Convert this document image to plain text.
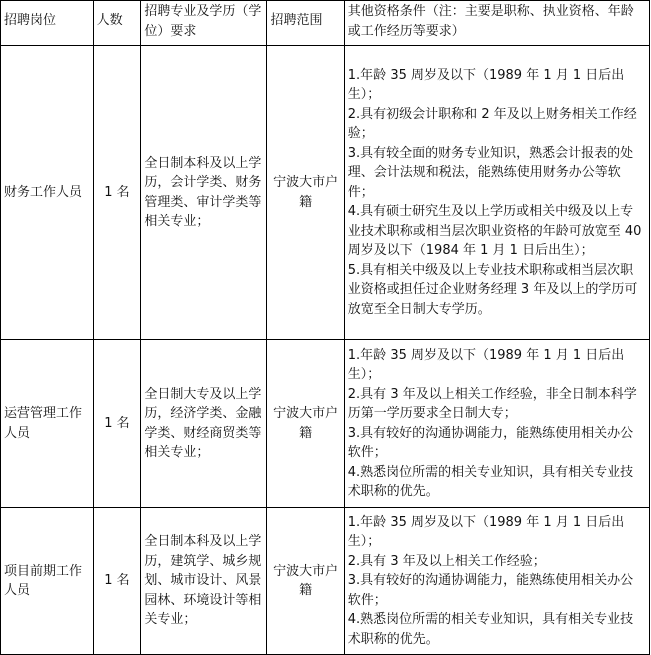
招聘岗位	人数	招聘专业及学历（学位）要求	招聘范围	其他资格条件（注：主要是职称、执业资格、年龄或工作经历等要求）
财务工作人员	1 名	全日制本科及以上学历，会计学类、财务管理类、审计学类等相关专业；	宁波大市户籍	1.年龄 35 周岁及以下（1989 年 1 月 1 日后出生）；
2.具有初级会计职称和 2 年及以上财务相关工作经验；
3.具有较全面的财务专业知识，熟悉会计报表的处理、会计法规和税法，能熟练使用财务办公等软件；
4.具有硕士研究生及以上学历或相关中级及以上专业技术职称或相当层次职业资格的年龄可放宽至 40 周岁及以下（1984 年 1 月 1 日后出生）；
5.具有相关中级及以上专业技术职称或相当层次职业资格或担任过企业财务经理 3 年及以上的学历可放宽至全日制大专学历。

运营管理工作人员	1 名	全日制大专及以上学历，经济学类、金融学类、财经商贸类等相关专业；	宁波大市户籍	1.年龄 35 周岁及以下（1989 年 1 月 1 日后出生）；
2.具有 3 年及以上相关工作经验，非全日制本科学历第一学历要求全日制大专；
3.具有较好的沟通协调能力，能熟练使用相关办公软件；
4.熟悉岗位所需的相关专业知识，具有相关专业技术职称的优先。

项目前期工作人员	1 名	全日制本科及以上学历，建筑学、城乡规划、城市设计、风景园林、环境设计等相关专业；	宁波大市户籍	1.年龄 35 周岁及以下（1989 年 1 月 1 日后出生）；
2.具有 3 年及以上相关工作经验；
3.具有较好的沟通协调能力，能熟练使用相关办公软件；
4.熟悉岗位所需的相关专业知识，具有相关专业技术职称的优先。
